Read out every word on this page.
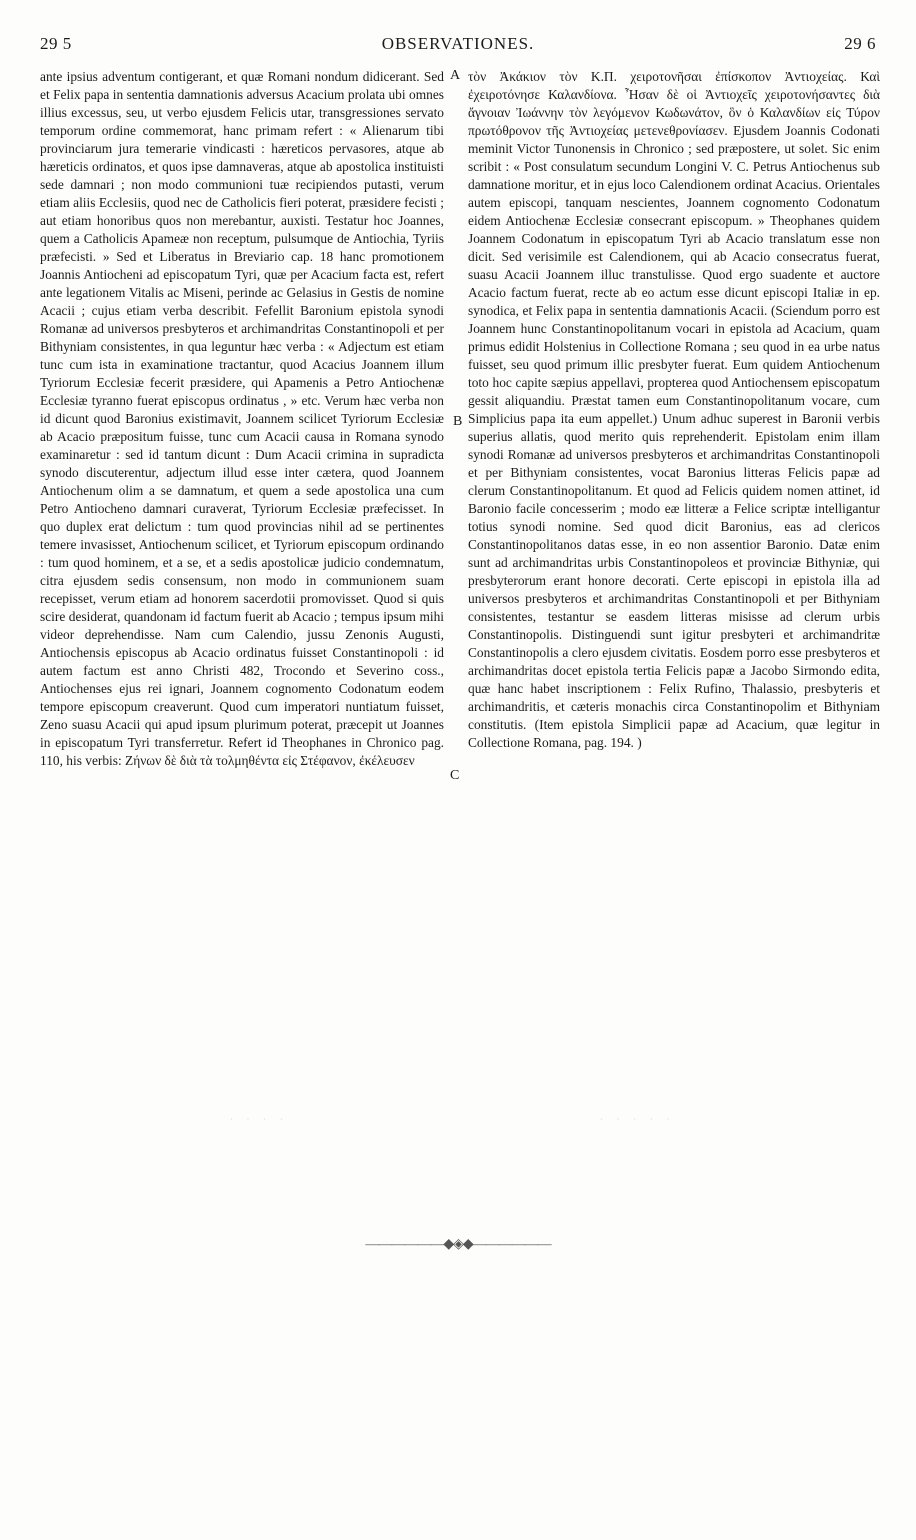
29 5	OBSERVATIONES.	29 6

ante ipsius adventum contigerant, et quæ Romani nondum didicerant. Sed et Felix papa in sententia damnationis adversus Acacium prolata ubi omnes illius excessus, seu, ut verbo ejusdem Felicis utar, transgressiones servato temporum ordine commemorat, hanc primam refert : « Alienarum tibi provinciarum jura temerarie vindicasti : hæreticos pervasores, atque ab hæreticis ordinatos, et quos ipse damnaveras, atque ab apostolica instituisti sede damnari ; non modo communioni tuæ recipiendos putasti, verum etiam aliis Ecclesiis, quod nec de Catholicis fieri poterat, præsidere fecisti ; aut etiam honoribus quos non merebantur, auxisti. Testatur hoc Joannes, quem a Catholicis Apameæ non receptum, pulsumque de Antiochia, Tyriis præfecisti. » Sed et Liberatus in Breviario cap. 18 hanc promotionem Joannis Antiocheni ad episcopatum Tyri, quæ per Acacium facta est, refert ante legationem Vitalis ac Miseni, perinde ac Gelasius in Gestis de nomine Acacii ; cujus etiam verba describit. Fefellit Baronium epistola synodi Romanæ ad universos presbyteros et archimandritas Constantinopoli et per Bithyniam consistentes, in qua leguntur hæc verba : « Adjectum est etiam tunc cum ista in examinatione tractantur, quod Acacius Joannem illum Tyriorum Ecclesiæ fecerit præsidere, qui Apamenis a Petro Antiochenæ Ecclesiæ tyranno fuerat episcopus ordinatus , » etc. Verum hæc verba non id dicunt quod Baronius existimavit, Joannem scilicet Tyriorum Ecclesiæ ab Acacio præpositum fuisse, tunc cum Acacii causa in Romana synodo examinaretur : sed id tantum dicunt : Dum Acacii crimina in supradicta synodo discuterentur, adjectum illud esse inter cætera, quod Joannem Antiochenum olim a se damnatum, et quem a sede apostolica una cum Petro Antiocheno damnari curaverat, Tyriorum Ecclesiæ præfecisset. In quo duplex erat delictum : tum quod provincias nihil ad se pertinentes temere invasisset, Antiochenum scilicet, et Tyriorum episcopum ordinando : tum quod hominem, et a se, et a sedis apostolicæ judicio condemnatum, citra ejusdem sedis consensum, non modo in communionem suam recepisset, verum etiam ad honorem sacerdotii promovisset. Quod si quis scire desiderat, quandonam id factum fuerit ab Acacio ; tempus ipsum mihi videor deprehendisse. Nam cum Calendio, jussu Zenonis Augusti, Antiochensis episcopus ab Acacio ordinatus fuisset Constantinopoli : id autem factum est anno Christi 482, Trocondo et Severino coss., Antiochenses ejus rei ignari, Joannem cognomento Codonatum eodem tempore episcopum creaverunt. Quod cum imperatori nuntiatum fuisset, Zeno suasu Acacii qui apud ipsum plurimum poterat, præcepit ut Joannes in episcopatum Tyri transferretur. Refert id Theophanes in Chronico pag. 110, his verbis: Ζήνων δὲ διὰ τὰ τολμηθέντα εἰς Στέφανον, ἐκέλευσεν

A
B
C

τὸν Ἀκάκιον τὸν Κ.Π. χειροτονῆσαι ἐπίσκοπον Ἀντιοχείας. Καὶ ἐχειροτόνησε Καλανδίονα. Ἦσαν δὲ οἱ Ἀντιοχεῖς χειροτονήσαντες διὰ ἄγνοιαν Ἰωάννην τὸν λεγόμενον Κωδωνάτον, ὃν ὁ Καλανδίων εἰς Τύρον πρωτόθρονον τῆς Ἀντιοχείας μετενεθρονίασεν. Ejusdem Joannis Codonati meminit Victor Tunonensis in Chronico ; sed præpostere, ut solet. Sic enim scribit : « Post consulatum secundum Longini V. C. Petrus Antiochenus sub damnatione moritur, et in ejus loco Calendionem ordinat Acacius. Orientales autem episcopi, tanquam nescientes, Joannem cognomento Codonatum eidem Antiochenæ Ecclesiæ consecrant episcopum. » Theophanes quidem Joannem Codonatum in episcopatum Tyri ab Acacio translatum esse non dicit. Sed verisimile est Calendionem, qui ab Acacio consecratus fuerat, suasu Acacii Joannem illuc transtulisse. Quod ergo suadente et auctore Acacio factum fuerat, recte ab eo actum esse dicunt episcopi Italiæ in ep. synodica, et Felix papa in sententia damnationis Acacii. (Sciendum porro est Joannem hunc Constantinopolitanum vocari in epistola ad Acacium, quam primus edidit Holstenius in Collectione Romana ; seu quod in ea urbe natus fuisset, seu quod primum illic presbyter fuerat. Eum quidem Antiochenum toto hoc capite sæpius appellavi, propterea quod Antiochensem episcopatum gessit aliquandiu. Præstat tamen eum Constantinopolitanum vocare, cum Simplicius papa ita eum appellet.) Unum adhuc superest in Baronii verbis superius allatis, quod merito quis reprehenderit. Epistolam enim illam synodi Romanæ ad universos presbyteros et archimandritas Constantinopoli et per Bithyniam consistentes, vocat Baronius litteras Felicis papæ ad clerum Constantinopolitanum. Et quod ad Felicis quidem nomen attinet, id Baronio facile concesserim ; modo eæ litteræ a Felice scriptæ intelligantur totius synodi nomine. Sed quod dicit Baronius, eas ad clericos Constantinopolitanos datas esse, in eo non assentior Baronio. Datæ enim sunt ad archimandritas urbis Constantinopoleos et provinciæ Bithyniæ, qui presbyterorum erant honore decorati. Certe episcopi in epistola illa ad universos presbyteros et archimandritas Constantinopoli et per Bithyniam consistentes, testantur se easdem litteras misisse ad clerum urbis Constantinopolis. Distinguendi sunt igitur presbyteri et archimandritæ Constantinopolis a clero ejusdem civitatis. Eosdem porro esse presbyteros et archimandritas docet epistola tertia Felicis papæ a Jacobo Sirmondo edita, quæ hanc habet inscriptionem : Felix Rufino, Thalassio, presbyteris et archimandritis, et cæteris monachis circa Constantinopolim et Bithyniam constitutis. (Item epistola Simplicii papæ ad Acacium, quæ legitur in Collectione Romana, pag. 194. )

· · · ·	· · · · ·
——————◆◈◆——————
